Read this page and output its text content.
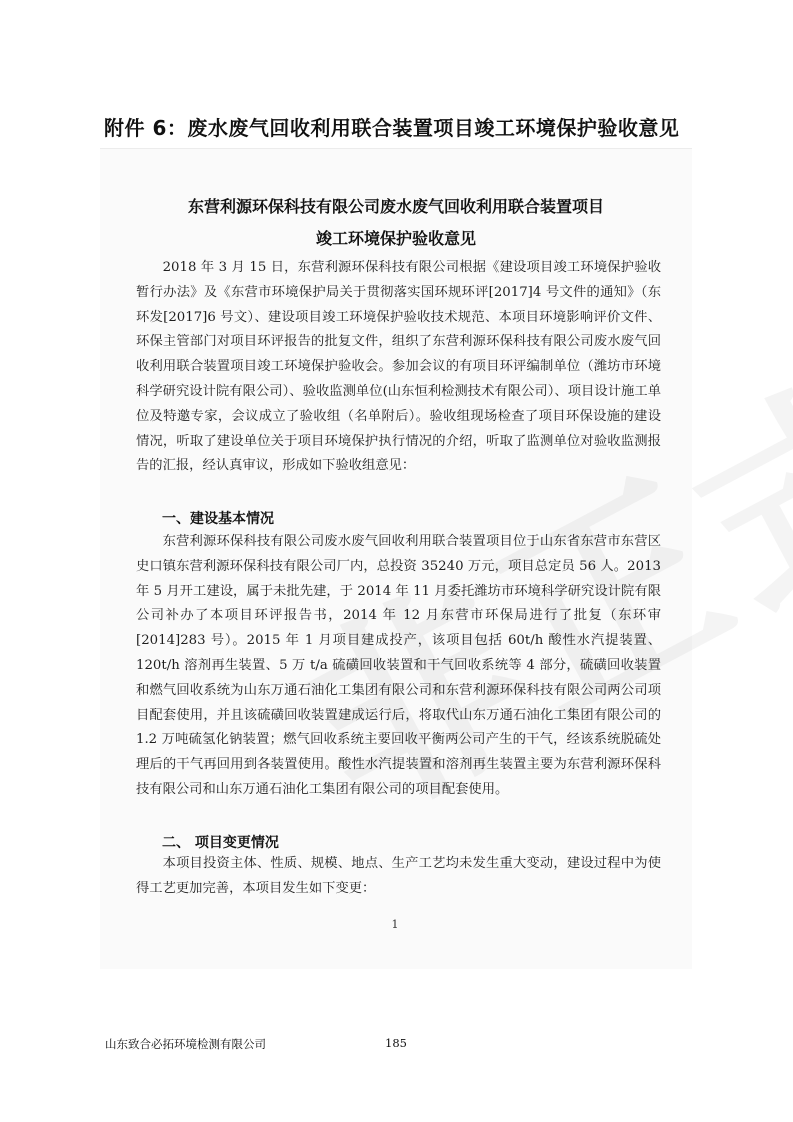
附件 6：废水废气回收利用联合装置项目竣工环境保护验收意见
东营利源环保科技有限公司废水废气回收利用联合装置项目
竣工环境保护验收意见

2018 年 3 月 15 日，东营利源环保科技有限公司根据《建设项目竣工环境保护验收暂行办法》及《东营市环境保护局关于贯彻落实国环规环评[2017]4 号文件的通知》（东环发[2017]6 号文）、建设项目竣工环境保护验收技术规范、本项目环境影响评价文件、环保主管部门对项目环评报告的批复文件，组织了东营利源环保科技有限公司废水废气回收利用联合装置项目竣工环境保护验收会。参加会议的有项目环评编制单位（潍坊市环境科学研究设计院有限公司）、验收监测单位(山东恒利检测技术有限公司）、项目设计施工单位及特邀专家，会议成立了验收组（名单附后）。验收组现场检查了项目环保设施的建设情况，听取了建设单位关于项目环境保护执行情况的介绍，听取了监测单位对验收监测报告的汇报，经认真审议，形成如下验收组意见：

一、建设基本情况

东营利源环保科技有限公司废水废气回收利用联合装置项目位于山东省东营市东营区史口镇东营利源环保科技有限公司厂内，总投资 35240 万元，项目总定员 56 人。2013 年 5 月开工建设，属于未批先建，于 2014 年 11 月委托潍坊市环境科学研究设计院有限公司补办了本项目环评报告书，2014 年 12 月东营市环保局进行了批复（东环审[2014]283 号）。2015 年 1 月项目建成投产，该项目包括 60t/h 酸性水汽提装置、120t/h 溶剂再生装置、5 万 t/a 硫磺回收装置和干气回收系统等 4 部分，硫磺回收装置和燃气回收系统为山东万通石油化工集团有限公司和东营利源环保科技有限公司两公司项目配套使用，并且该硫磺回收装置建成运行后，将取代山东万通石油化工集团有限公司的 1.2 万吨硫氢化钠装置；燃气回收系统主要回收平衡两公司产生的干气，经该系统脱硫处理后的干气再回用到各装置使用。酸性水汽提装置和溶剂再生装置主要为东营利源环保科技有限公司和山东万通石油化工集团有限公司的项目配套使用。

二、 项目变更情况

本项目投资主体、性质、规模、地点、生产工艺均未发生重大变动，建设过程中为使得工艺更加完善，本项目发生如下变更：

1
山东致合必拓环境检测有限公司	185
